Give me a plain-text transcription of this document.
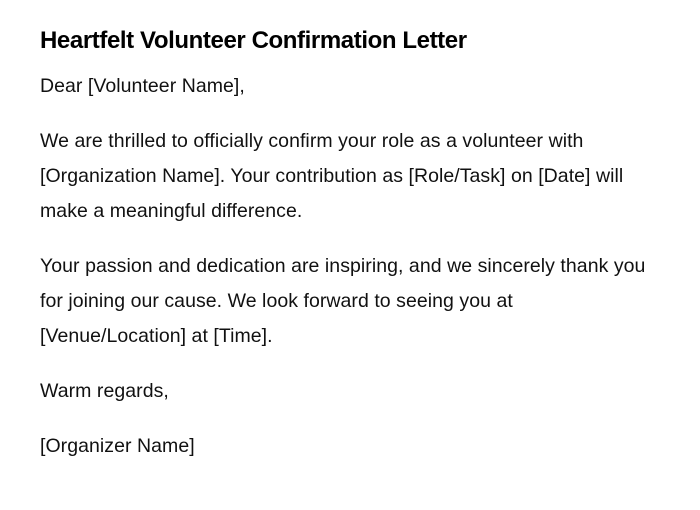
Heartfelt Volunteer Confirmation Letter

Dear [Volunteer Name],

We are thrilled to officially confirm your role as a volunteer with [Organization Name]. Your contribution as [Role/Task] on [Date] will make a meaningful difference.

Your passion and dedication are inspiring, and we sincerely thank you for joining our cause. We look forward to seeing you at [Venue/Location] at [Time].

Warm regards,

[Organizer Name]
